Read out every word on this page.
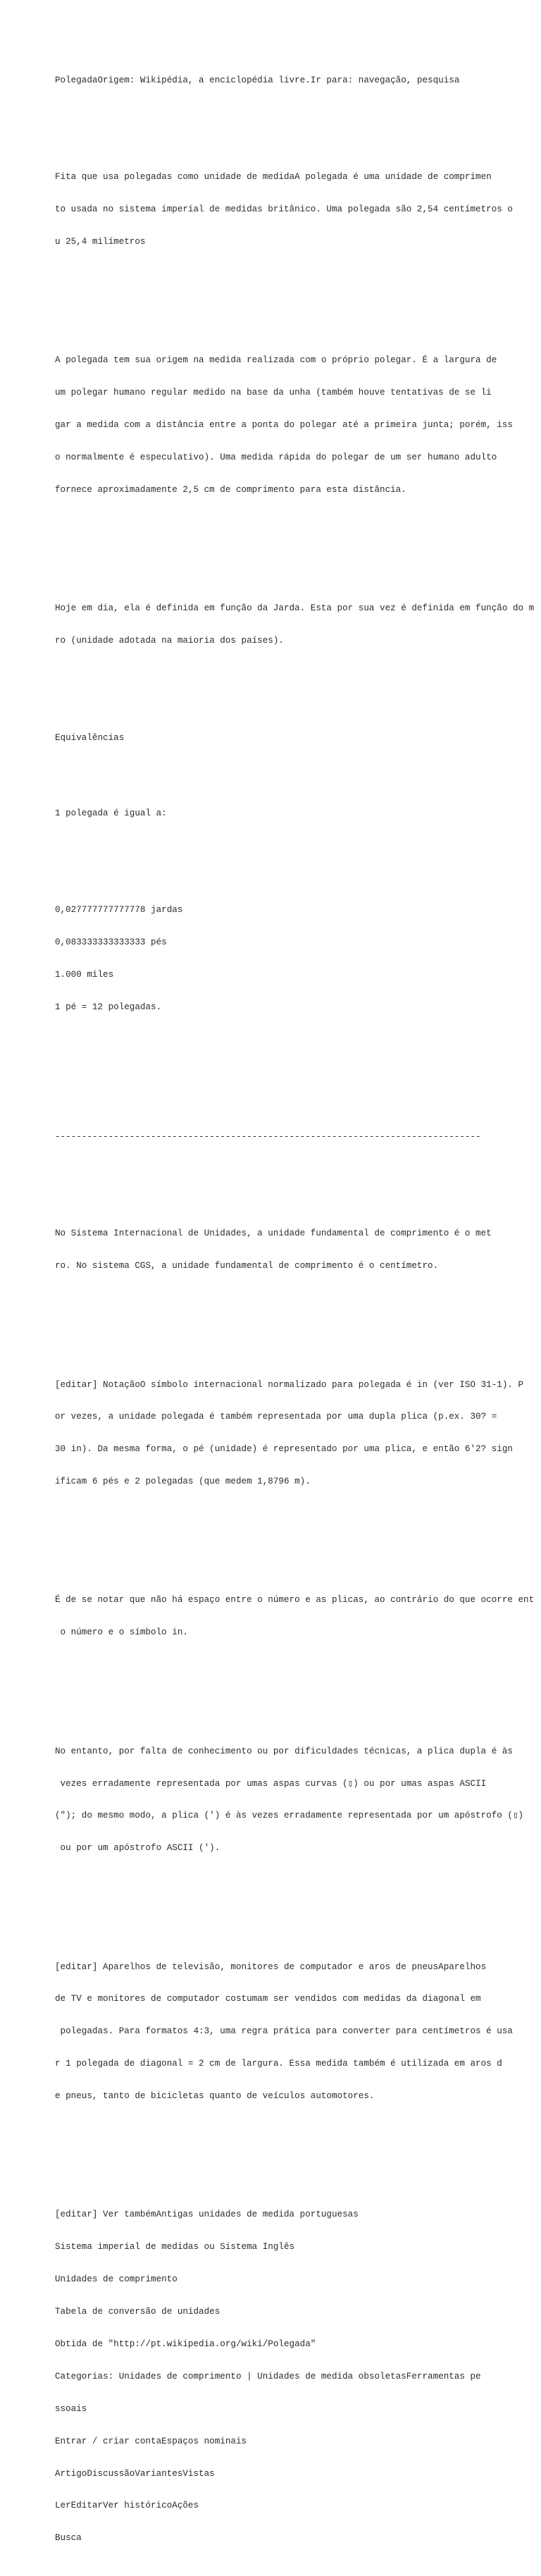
PolegadaOrigem: Wikipédia, a enciclopédia livre.Ir para: navegação, pesquisa

Fita que usa polegadas como unidade de medidaA polegada é uma unidade de comprimen

to usada no sistema imperial de medidas britânico. Uma polegada são 2,54 centímetros o

u 25,4 milímetros

A polegada tem sua origem na medida realizada com o próprio polegar. É a largura de

um polegar humano regular medido na base da unha (também houve tentativas de se li

gar a medida com a distância entre a ponta do polegar até a primeira junta; porém, iss

o normalmente é especulativo). Uma medida rápida do polegar de um ser humano adulto

fornece aproximadamente 2,5 cm de comprimento para esta distância.

Hoje em dia, ela é definida em função da Jarda. Esta por sua vez é definida em função do m

ro (unidade adotada na maioria dos países).

Equivalências

1 polegada é igual a:

0,027777777777778 jardas

0,083333333333333 pés

1.000 miles

1 pé = 12 polegadas.

--------------------------------------------------------------------------------

No Sistema Internacional de Unidades, a unidade fundamental de comprimento é o met

ro. No sistema CGS, a unidade fundamental de comprimento é o centímetro.

[editar] NotaçãoO símbolo internacional normalizado para polegada é in (ver ISO 31-1). P

or vezes, a unidade polegada é também representada por uma dupla plica (p.ex. 30? =

30 in). Da mesma forma, o pé (unidade) é representado por uma plica, e então 6'2? sign

ificam 6 pés e 2 polegadas (que medem 1,8796 m).

É de se notar que não há espaço entre o número e as plicas, ao contrário do que ocorre ent

o número e o símbolo in.

No entanto, por falta de conhecimento ou por dificuldades técnicas, a plica dupla é às

vezes erradamente representada por umas aspas curvas (▯) ou por umas aspas ASCII

("); do mesmo modo, a plica (') é às vezes erradamente representada por um apóstrofo (▯)

ou por um apóstrofo ASCII (').

[editar] Aparelhos de televisão, monitores de computador e aros de pneusAparelhos

de TV e monitores de computador costumam ser vendidos com medidas da diagonal em

polegadas. Para formatos 4:3, uma regra prática para converter para centímetros é usa

r 1 polegada de diagonal = 2 cm de largura. Essa medida também é utilizada em aros d

e pneus, tanto de bicicletas quanto de veículos automotores.

[editar] Ver tambémAntigas unidades de medida portuguesas

Sistema imperial de medidas ou Sistema Inglês

Unidades de comprimento

Tabela de conversão de unidades

Obtida de "http://pt.wikipedia.org/wiki/Polegada"

Categorias: Unidades de comprimento | Unidades de medida obsoletasFerramentas pe

ssoais

Entrar / criar contaEspaços nominais

ArtigoDiscussãoVariantesVistas

LerEditarVer históricoAções

Busca
